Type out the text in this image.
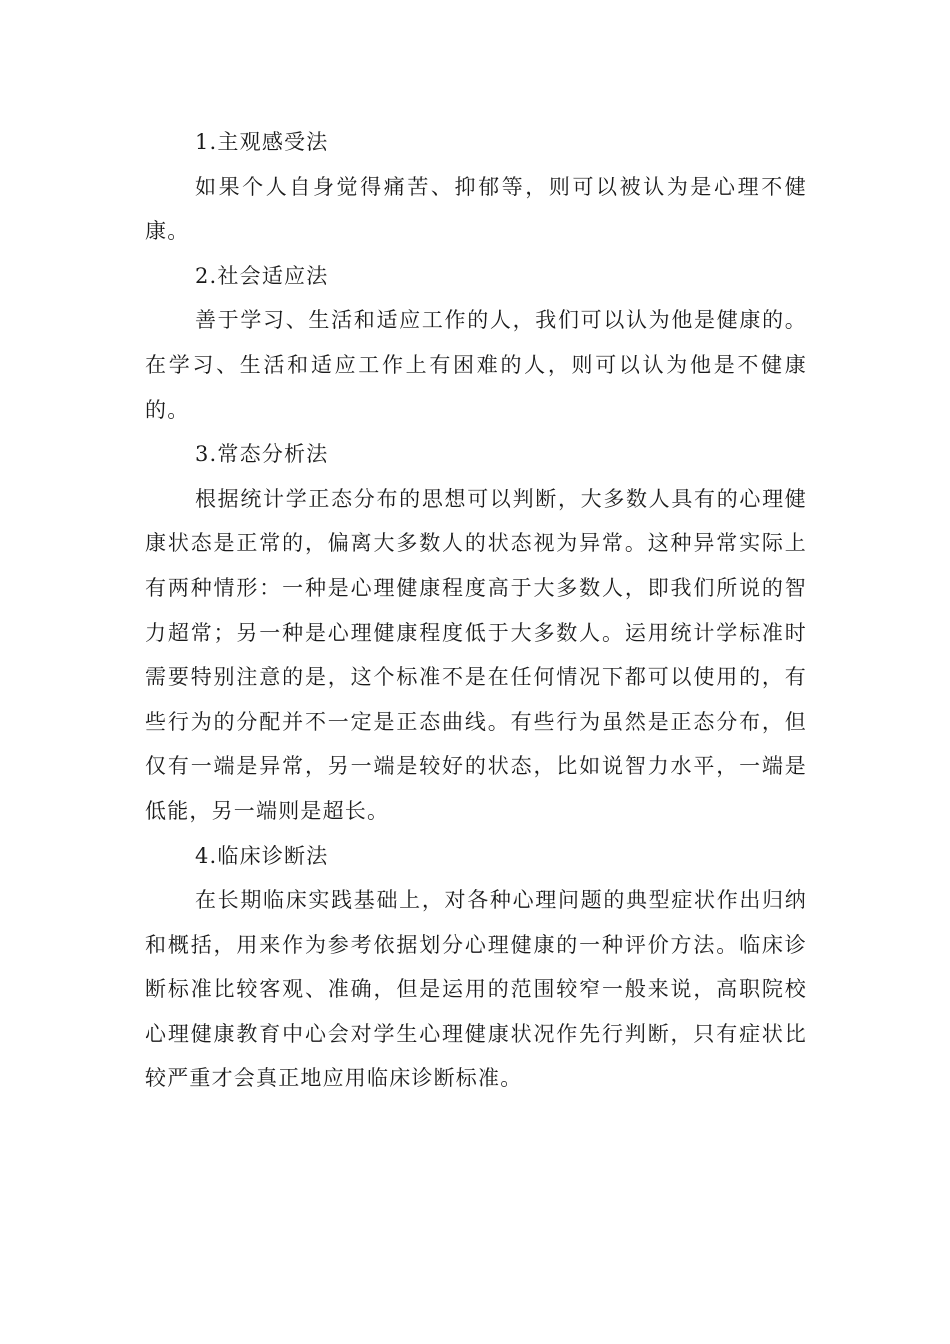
1.主观感受法

如果个人自身觉得痛苦、抑郁等，则可以被认为是心理不健康。

2.社会适应法

善于学习、生活和适应工作的人，我们可以认为他是健康的。在学习、生活和适应工作上有困难的人，则可以认为他是不健康的。

3.常态分析法

根据统计学正态分布的思想可以判断，大多数人具有的心理健康状态是正常的，偏离大多数人的状态视为异常。这种异常实际上有两种情形：一种是心理健康程度高于大多数人，即我们所说的智力超常；另一种是心理健康程度低于大多数人。运用统计学标准时需要特别注意的是，这个标准不是在任何情况下都可以使用的，有些行为的分配并不一定是正态曲线。有些行为虽然是正态分布，但仅有一端是异常，另一端是较好的状态，比如说智力水平，一端是低能，另一端则是超长。

4.临床诊断法

在长期临床实践基础上，对各种心理问题的典型症状作出归纳和概括，用来作为参考依据划分心理健康的一种评价方法。临床诊断标准比较客观、准确，但是运用的范围较窄一般来说，高职院校心理健康教育中心会对学生心理健康状况作先行判断，只有症状比较严重才会真正地应用临床诊断标准。
